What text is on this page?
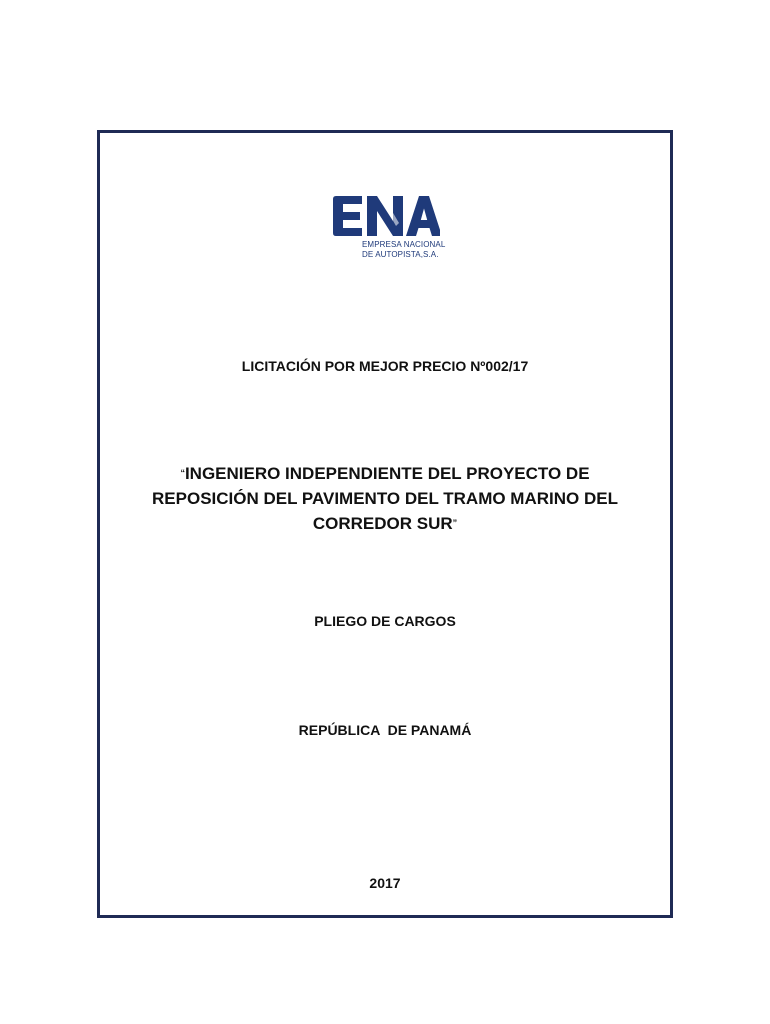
EMPRESA NACIONAL
DE AUTOPISTA,S.A.
LICITACIÓN POR MEJOR PRECIO Nº002/17
“INGENIERO INDEPENDIENTE DEL PROYECTO DE
REPOSICIÓN DEL PAVIMENTO DEL TRAMO MARINO DEL
CORREDOR SUR”
PLIEGO DE CARGOS
REPÚBLICA  DE PANAMÁ
2017
